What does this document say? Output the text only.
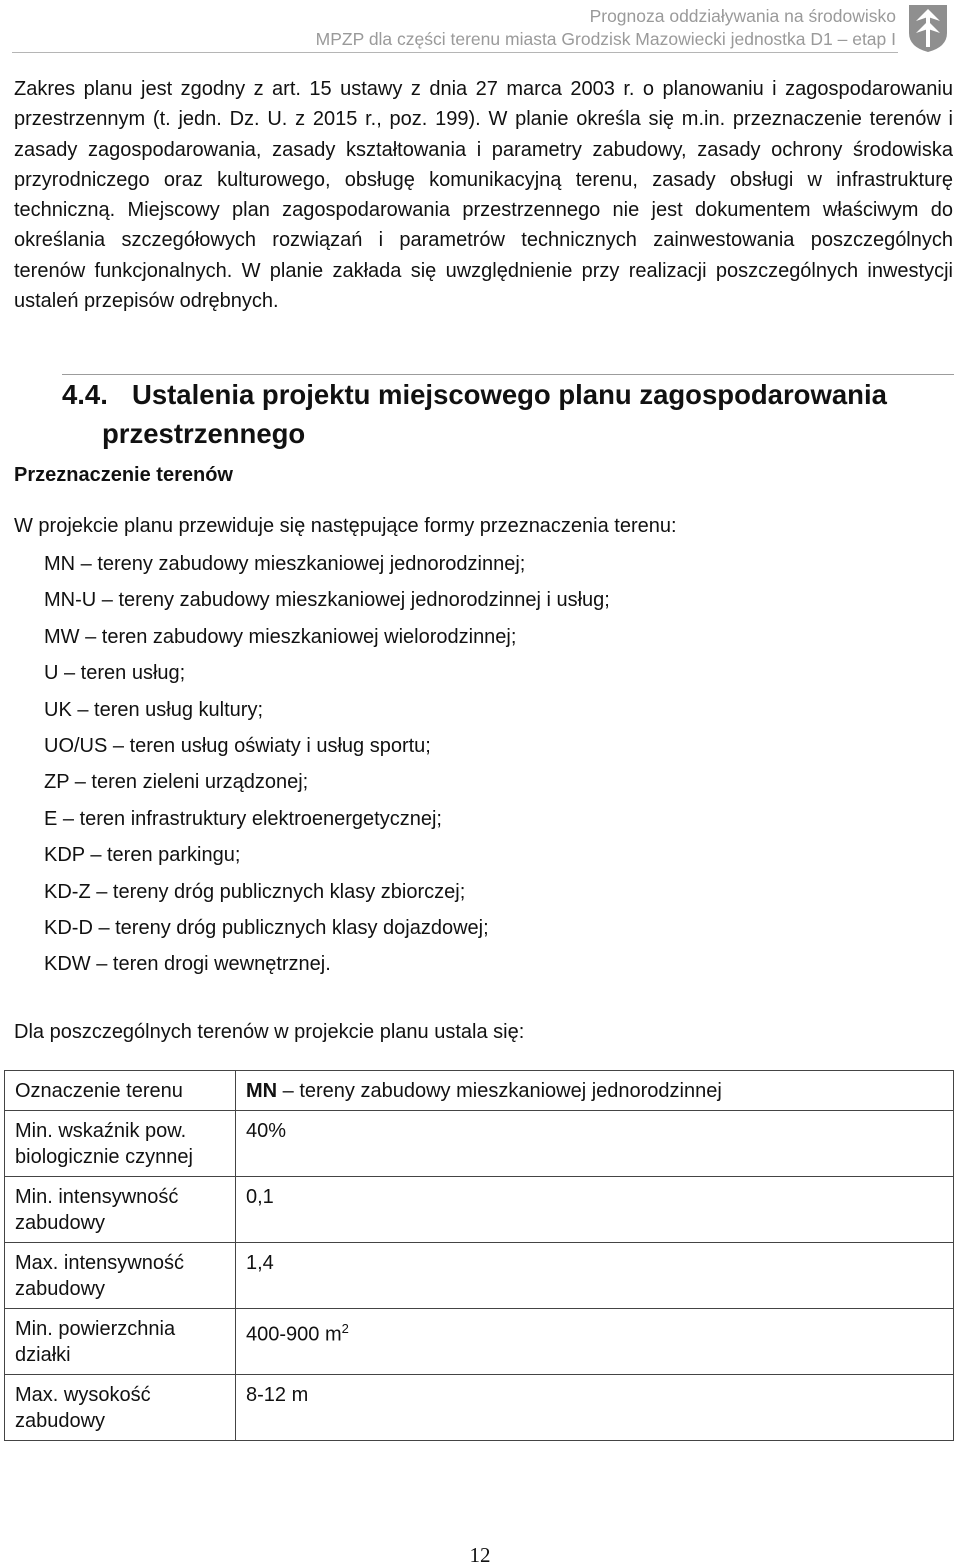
Prognoza oddziaływania na środowisko
MPZP dla części terenu miasta Grodzisk Mazowiecki jednostka D1 – etap I

Zakres planu jest zgodny z art. 15 ustawy z dnia 27 marca 2003 r. o planowaniu i zagospodarowaniu przestrzennym (t. jedn. Dz. U. z 2015 r., poz. 199). W planie określa się m.in. przeznaczenie terenów i zasady zagospodarowania, zasady kształtowania i parametry zabudowy, zasady ochrony środowiska przyrodniczego oraz kulturowego, obsługę komunikacyjną terenu, zasady obsługi w infrastrukturę techniczną. Miejscowy plan zagospodarowania przestrzennego nie jest dokumentem właściwym do określania szczegółowych rozwiązań i parametrów technicznych zainwestowania poszczególnych terenów funkcjonalnych. W planie zakłada się uwzględnienie przy realizacji poszczególnych inwestycji ustaleń przepisów odrębnych.

4.4. Ustalenia projektu miejscowego planu zagospodarowania
przestrzennego
Przeznaczenie terenów
W projekcie planu przewiduje się następujące formy przeznaczenia terenu:
MN – tereny zabudowy mieszkaniowej jednorodzinnej;
MN-U – tereny zabudowy mieszkaniowej jednorodzinnej i usług;
MW – teren zabudowy mieszkaniowej wielorodzinnej;
U – teren usług;
UK – teren usług kultury;
UO/US – teren usług oświaty i usług sportu;
ZP – teren zieleni urządzonej;
E – teren infrastruktury elektroenergetycznej;
KDP – teren parkingu;
KD-Z – tereny dróg publicznych klasy zbiorczej;
KD-D – tereny dróg publicznych klasy dojazdowej;
KDW – teren drogi wewnętrznej.
Dla poszczególnych terenów w projekcie planu ustala się:
Oznaczenie terenu	MN – tereny zabudowy mieszkaniowej jednorodzinnej
Min. wskaźnik pow.
biologicznie czynnej	40%
Min. intensywność
zabudowy	0,1
Max. intensywność
zabudowy	1,4
Min. powierzchnia
działki	400-900 $m^2$
Max. wysokość
zabudowy	8-12 m
12
